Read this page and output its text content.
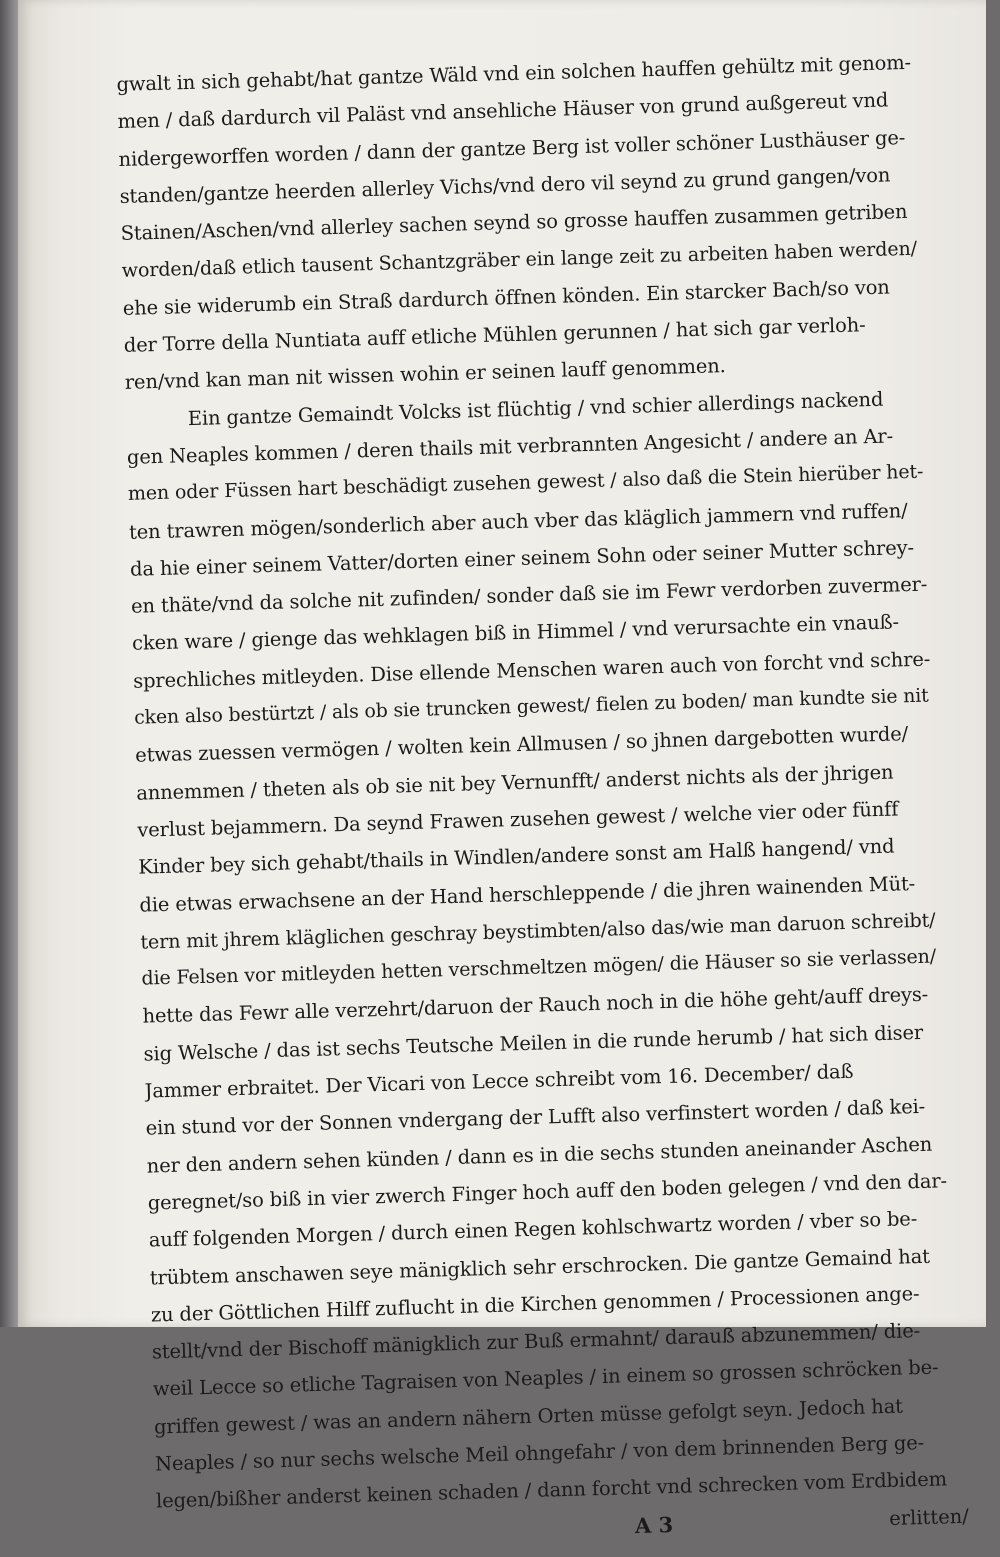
gwalt in sich gehabt/hat gantze Wäld vnd ein solchen hauffen gehültz mit genom-
men / daß dardurch vil Paläst vnd ansehliche Häuser von grund außgereut vnd
nidergeworffen worden / dann der gantze Berg ist voller schöner Lusthäuser ge-
standen/gantze heerden allerley Vichs/vnd dero vil seynd zu grund gangen/von
Stainen/Aschen/vnd allerley sachen seynd so grosse hauffen zusammen getriben
worden/daß etlich tausent Schantzgräber ein lange zeit zu arbeiten haben werden/
ehe sie widerumb ein Straß dardurch öffnen könden. Ein starcker Bach/so von
der Torre della Nuntiata auff etliche Mühlen gerunnen / hat sich gar verloh-
ren/vnd kan man nit wissen wohin er seinen lauff genommen.
Ein gantze Gemaindt Volcks ist flüchtig / vnd schier allerdings nackend
gen Neaples kommen / deren thails mit verbrannten Angesicht / andere an Ar-
men oder Füssen hart beschädigt zusehen gewest / also daß die Stein hierüber het-
ten trawren mögen/sonderlich aber auch vber das kläglich jammern vnd ruffen/
da hie einer seinem Vatter/dorten einer seinem Sohn oder seiner Mutter schrey-
en thäte/vnd da solche nit zufinden/ sonder daß sie im Fewr verdorben zuvermer-
cken ware / gienge das wehklagen biß in Himmel / vnd verursachte ein vnauß-
sprechliches mitleyden. Dise ellende Menschen waren auch von forcht vnd schre-
cken also bestürtzt / als ob sie truncken gewest/ fielen zu boden/ man kundte sie nit
etwas zuessen vermögen / wolten kein Allmusen / so jhnen dargebotten wurde/
annemmen / theten als ob sie nit bey Vernunfft/ anderst nichts als der jhrigen
verlust bejammern. Da seynd Frawen zusehen gewest / welche vier oder fünff
Kinder bey sich gehabt/thails in Windlen/andere sonst am Halß hangend/ vnd
die etwas erwachsene an der Hand herschleppende / die jhren wainenden Müt-
tern mit jhrem kläglichen geschray beystimbten/also das/wie man daruon schreibt/
die Felsen vor mitleyden hetten verschmeltzen mögen/ die Häuser so sie verlassen/
hette das Fewr alle verzehrt/daruon der Rauch noch in die höhe geht/auff dreys-
sig Welsche / das ist sechs Teutsche Meilen in die runde herumb / hat sich diser
Jammer erbraitet. Der Vicari von Lecce schreibt vom 16. December/ daß
ein stund vor der Sonnen vndergang der Lufft also verfinstert worden / daß kei-
ner den andern sehen künden / dann es in die sechs stunden aneinander Aschen
geregnet/so biß in vier zwerch Finger hoch auff den boden gelegen / vnd den dar-
auff folgenden Morgen / durch einen Regen kohlschwartz worden / vber so be-
trübtem anschawen seye mänigklich sehr erschrocken. Die gantze Gemaind hat
zu der Göttlichen Hilff zuflucht in die Kirchen genommen / Processionen ange-
stellt/vnd der Bischoff mänigklich zur Buß ermahnt/ darauß abzunemmen/ die-
weil Lecce so etliche Tagraisen von Neaples / in einem so grossen schröcken be-
griffen gewest / was an andern nähern Orten müsse gefolgt seyn. Jedoch hat
Neaples / so nur sechs welsche Meil ohngefahr / von dem brinnenden Berg ge-
legen/bißher anderst keinen schaden / dann forcht vnd schrecken vom Erdbidem
A 3	erlitten/
